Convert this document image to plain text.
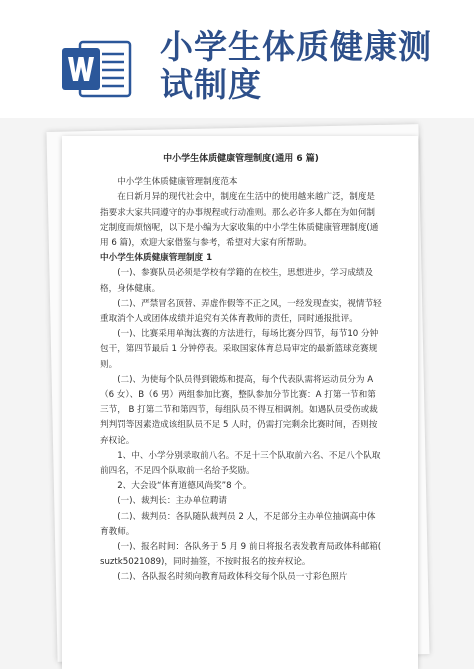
小学生体质健康测
试制度
中小学生体质健康管理制度(通用 6 篇)

中小学生体质健康管理制度范本

在日新月异的现代社会中，制度在生活中的使用越来越广泛，制度是指要求大家共同遵守的办事规程或行动准则。那么必许多人都在为如何制定制度而烦恼呢，以下是小编为大家收集的中小学生体质健康管理制度(通用 6 篇)，欢迎大家借鉴与参考，希望对大家有所帮助。

中小学生体质健康管理制度 1

(一)、参赛队员必须是学校有学籍的在校生，思想进步，学习成绩及格，身体健康。

(二)、严禁冒名顶替、弄虚作假等不正之风，一经发现查实，视情节轻重取消个人或团体成绩并追究有关体育教师的责任，同时通报批评。

(一)、比赛采用单淘汰赛的方法进行，每场比赛分四节，每节10 分钟包干，第四节最后 1 分钟停表。采取国家体育总局审定的最新篮球竞赛规则。

(二)、为使每个队员得到锻炼和提高，每个代表队需将运动员分为 A（6 女）、B（6 男）两组参加比赛，整队参加分节比赛：A 打第一节和第三节， B 打第二节和第四节，每组队员不得互相调剂。如遇队员受伤或裁判判罚等因素造成该组队员不足 5 人时，仍需打完剩余比赛时间，否则按弃权论。

1、中、小学分别录取前八名。不足十三个队取前六名、不足八个队取前四名，不足四个队取前一名给予奖励。

2、大会设“体育道德风尚奖”8 个。

(一)、裁判长：主办单位聘请

(二)、裁判员：各队随队裁判员 2 人，不足部分主办单位抽调高中体育教师。

(一)、报名时间：各队务于 5 月 9 前日将报名表发教育局政体科邮箱( suztk5021089)，同时抽签，不按时报名的按弃权论。

(二)、各队报名时须向教育局政体科交每个队员一寸彩色照片
